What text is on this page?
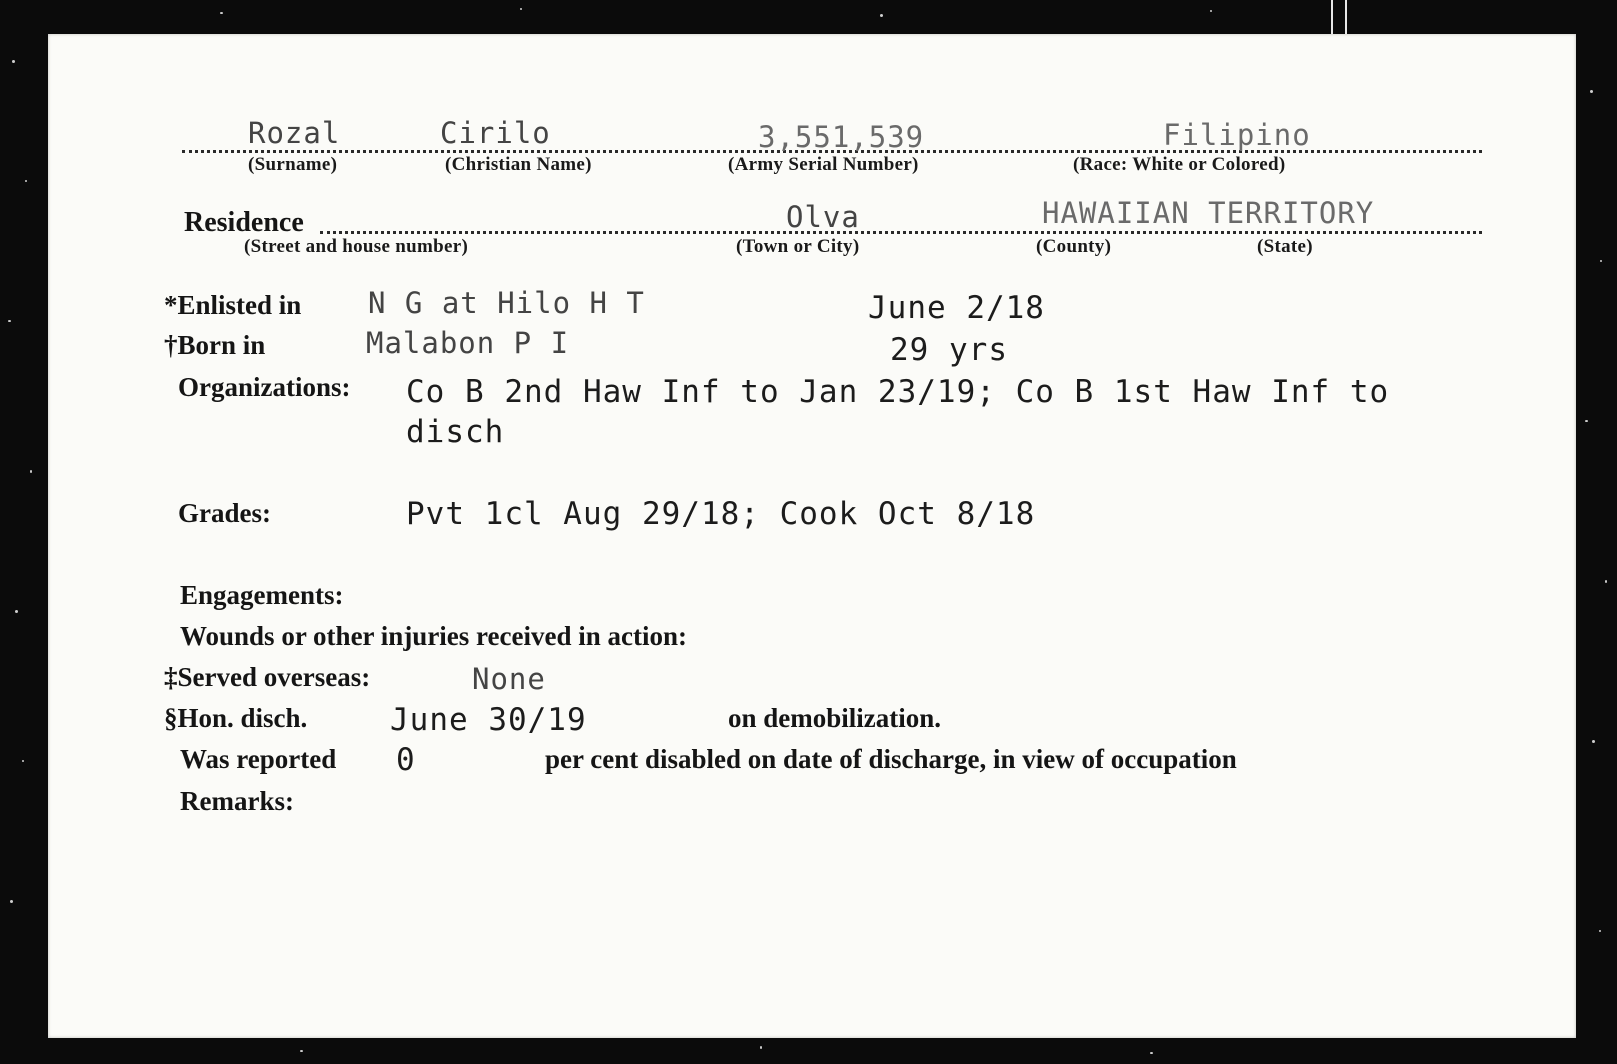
Rozal	Cirilo	3,551,539	Filipino
(Surname)	(Christian Name)	(Army Serial Number)	(Race: White or Colored)
Residence	Olva	HAWAIIAN TERRITORY
(Street and house number)	(Town or City)	(County)	(State)
*Enlisted in N G at Hilo H T	June 2/18
†Born in	Malabon P I	29 yrs
Organizations: Co B 2nd Haw Inf to Jan 23/19; Co B 1st Haw Inf to
disch
Grades:	Pvt 1cl Aug 29/18; Cook Oct 8/18
Engagements:
Wounds or other injuries received in action:
‡Served overseas:	None
§Hon. disch.	June 30/19	on demobilization.
Was reported 0	per cent disabled on date of discharge, in view of occupation
Remarks:
